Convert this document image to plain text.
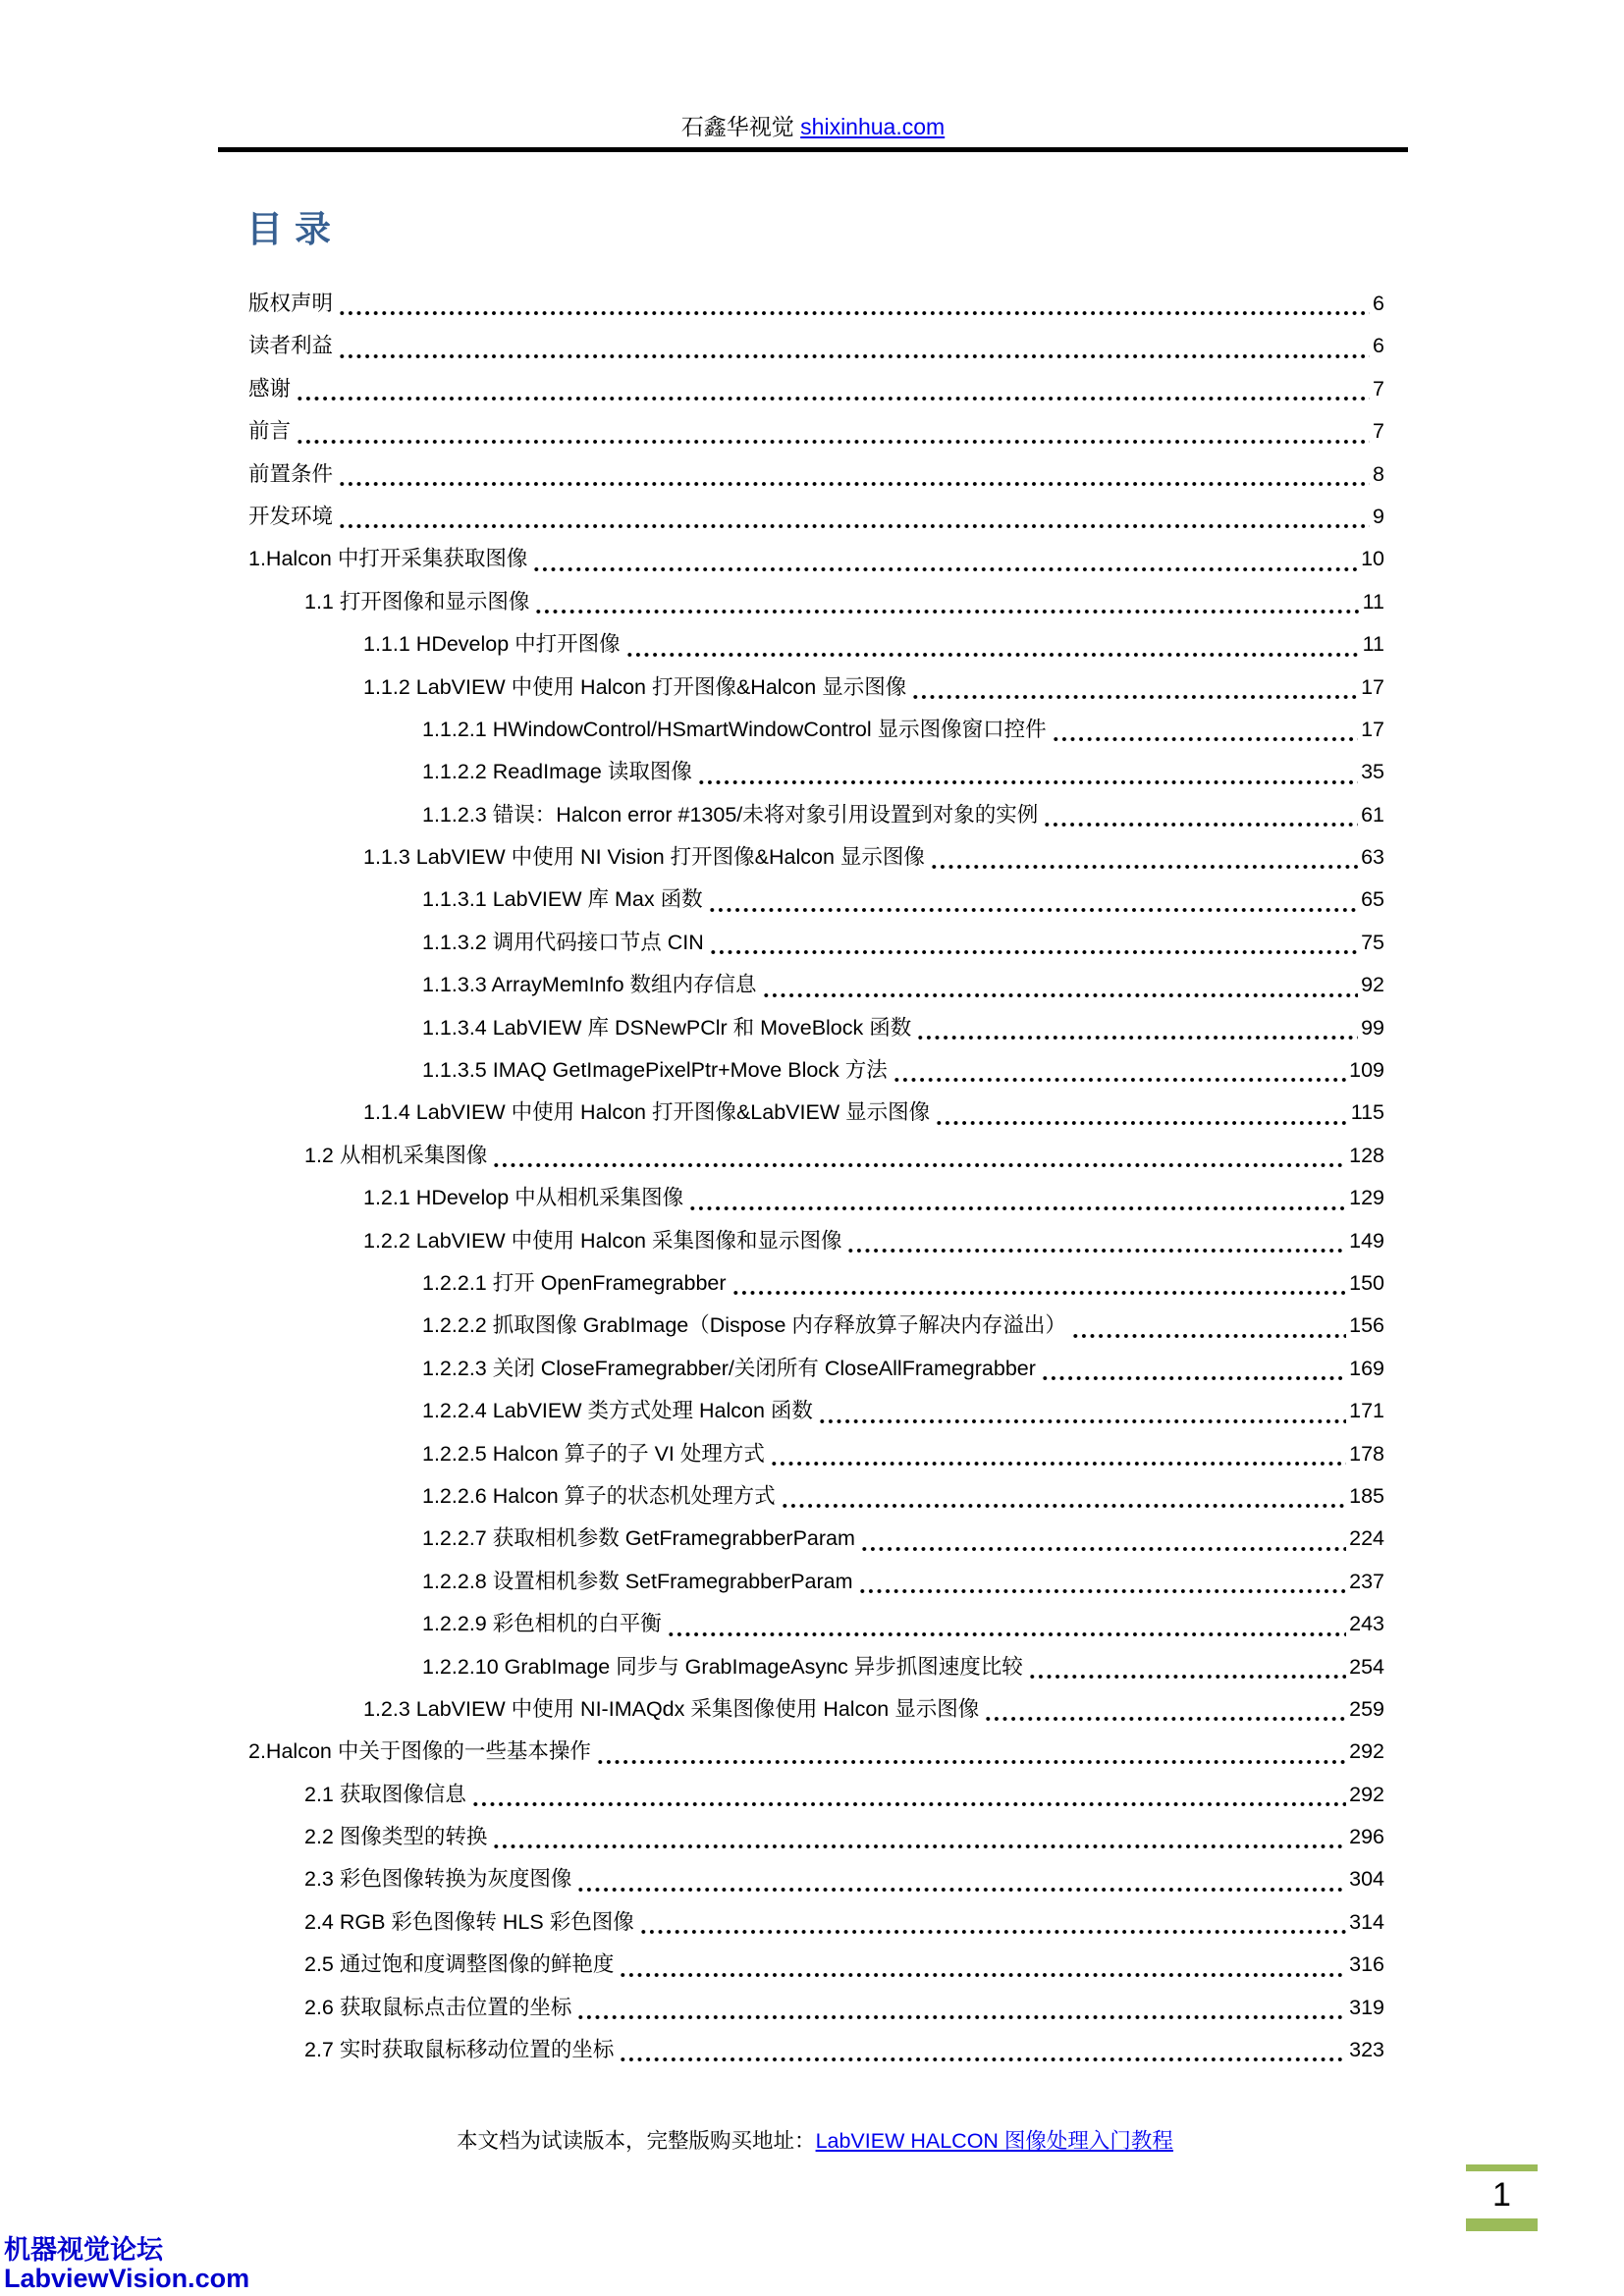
石鑫华视觉 shixinhua.com
目录
版权声明	6
读者利益	6
感谢	7
前言	7
前置条件	8
开发环境	9
1.Halcon 中打开采集获取图像	10
1.1 打开图像和显示图像	11
1.1.1 HDevelop 中打开图像	11
1.1.2 LabVIEW 中使用 Halcon 打开图像&Halcon 显示图像	17
1.1.2.1 HWindowControl/HSmartWindowControl 显示图像窗口控件	17
1.1.2.2 ReadImage 读取图像	35
1.1.2.3 错误：Halcon error #1305/未将对象引用设置到对象的实例	61
1.1.3 LabVIEW 中使用 NI Vision 打开图像&Halcon 显示图像	63
1.1.3.1 LabVIEW 库 Max 函数	65
1.1.3.2 调用代码接口节点 CIN	75
1.1.3.3 ArrayMemInfo 数组内存信息	92
1.1.3.4 LabVIEW 库 DSNewPClr 和 MoveBlock 函数	99
1.1.3.5 IMAQ GetImagePixelPtr+Move Block 方法	109
1.1.4 LabVIEW 中使用 Halcon 打开图像&LabVIEW 显示图像	115
1.2 从相机采集图像	128
1.2.1 HDevelop 中从相机采集图像	129
1.2.2 LabVIEW 中使用 Halcon 采集图像和显示图像	149
1.2.2.1 打开 OpenFramegrabber	150
1.2.2.2 抓取图像 GrabImage（Dispose 内存释放算子解决内存溢出）	156
1.2.2.3 关闭 CloseFramegrabber/关闭所有 CloseAllFramegrabber	169
1.2.2.4 LabVIEW 类方式处理 Halcon 函数	171
1.2.2.5 Halcon 算子的子 VI 处理方式	178
1.2.2.6 Halcon 算子的状态机处理方式	185
1.2.2.7 获取相机参数 GetFramegrabberParam	224
1.2.2.8 设置相机参数 SetFramegrabberParam	237
1.2.2.9 彩色相机的白平衡	243
1.2.2.10 GrabImage 同步与 GrabImageAsync 异步抓图速度比较	254
1.2.3 LabVIEW 中使用 NI-IMAQdx 采集图像使用 Halcon 显示图像	259
2.Halcon 中关于图像的一些基本操作	292
2.1 获取图像信息	292
2.2 图像类型的转换	296
2.3 彩色图像转换为灰度图像	304
2.4 RGB 彩色图像转 HLS 彩色图像	314
2.5 通过饱和度调整图像的鲜艳度	316
2.6 获取鼠标点击位置的坐标	319
2.7 实时获取鼠标移动位置的坐标	323
本文档为试读版本，完整版购买地址：LabVIEW HALCON 图像处理入门教程
1
机器视觉论坛
LabviewVision.com
